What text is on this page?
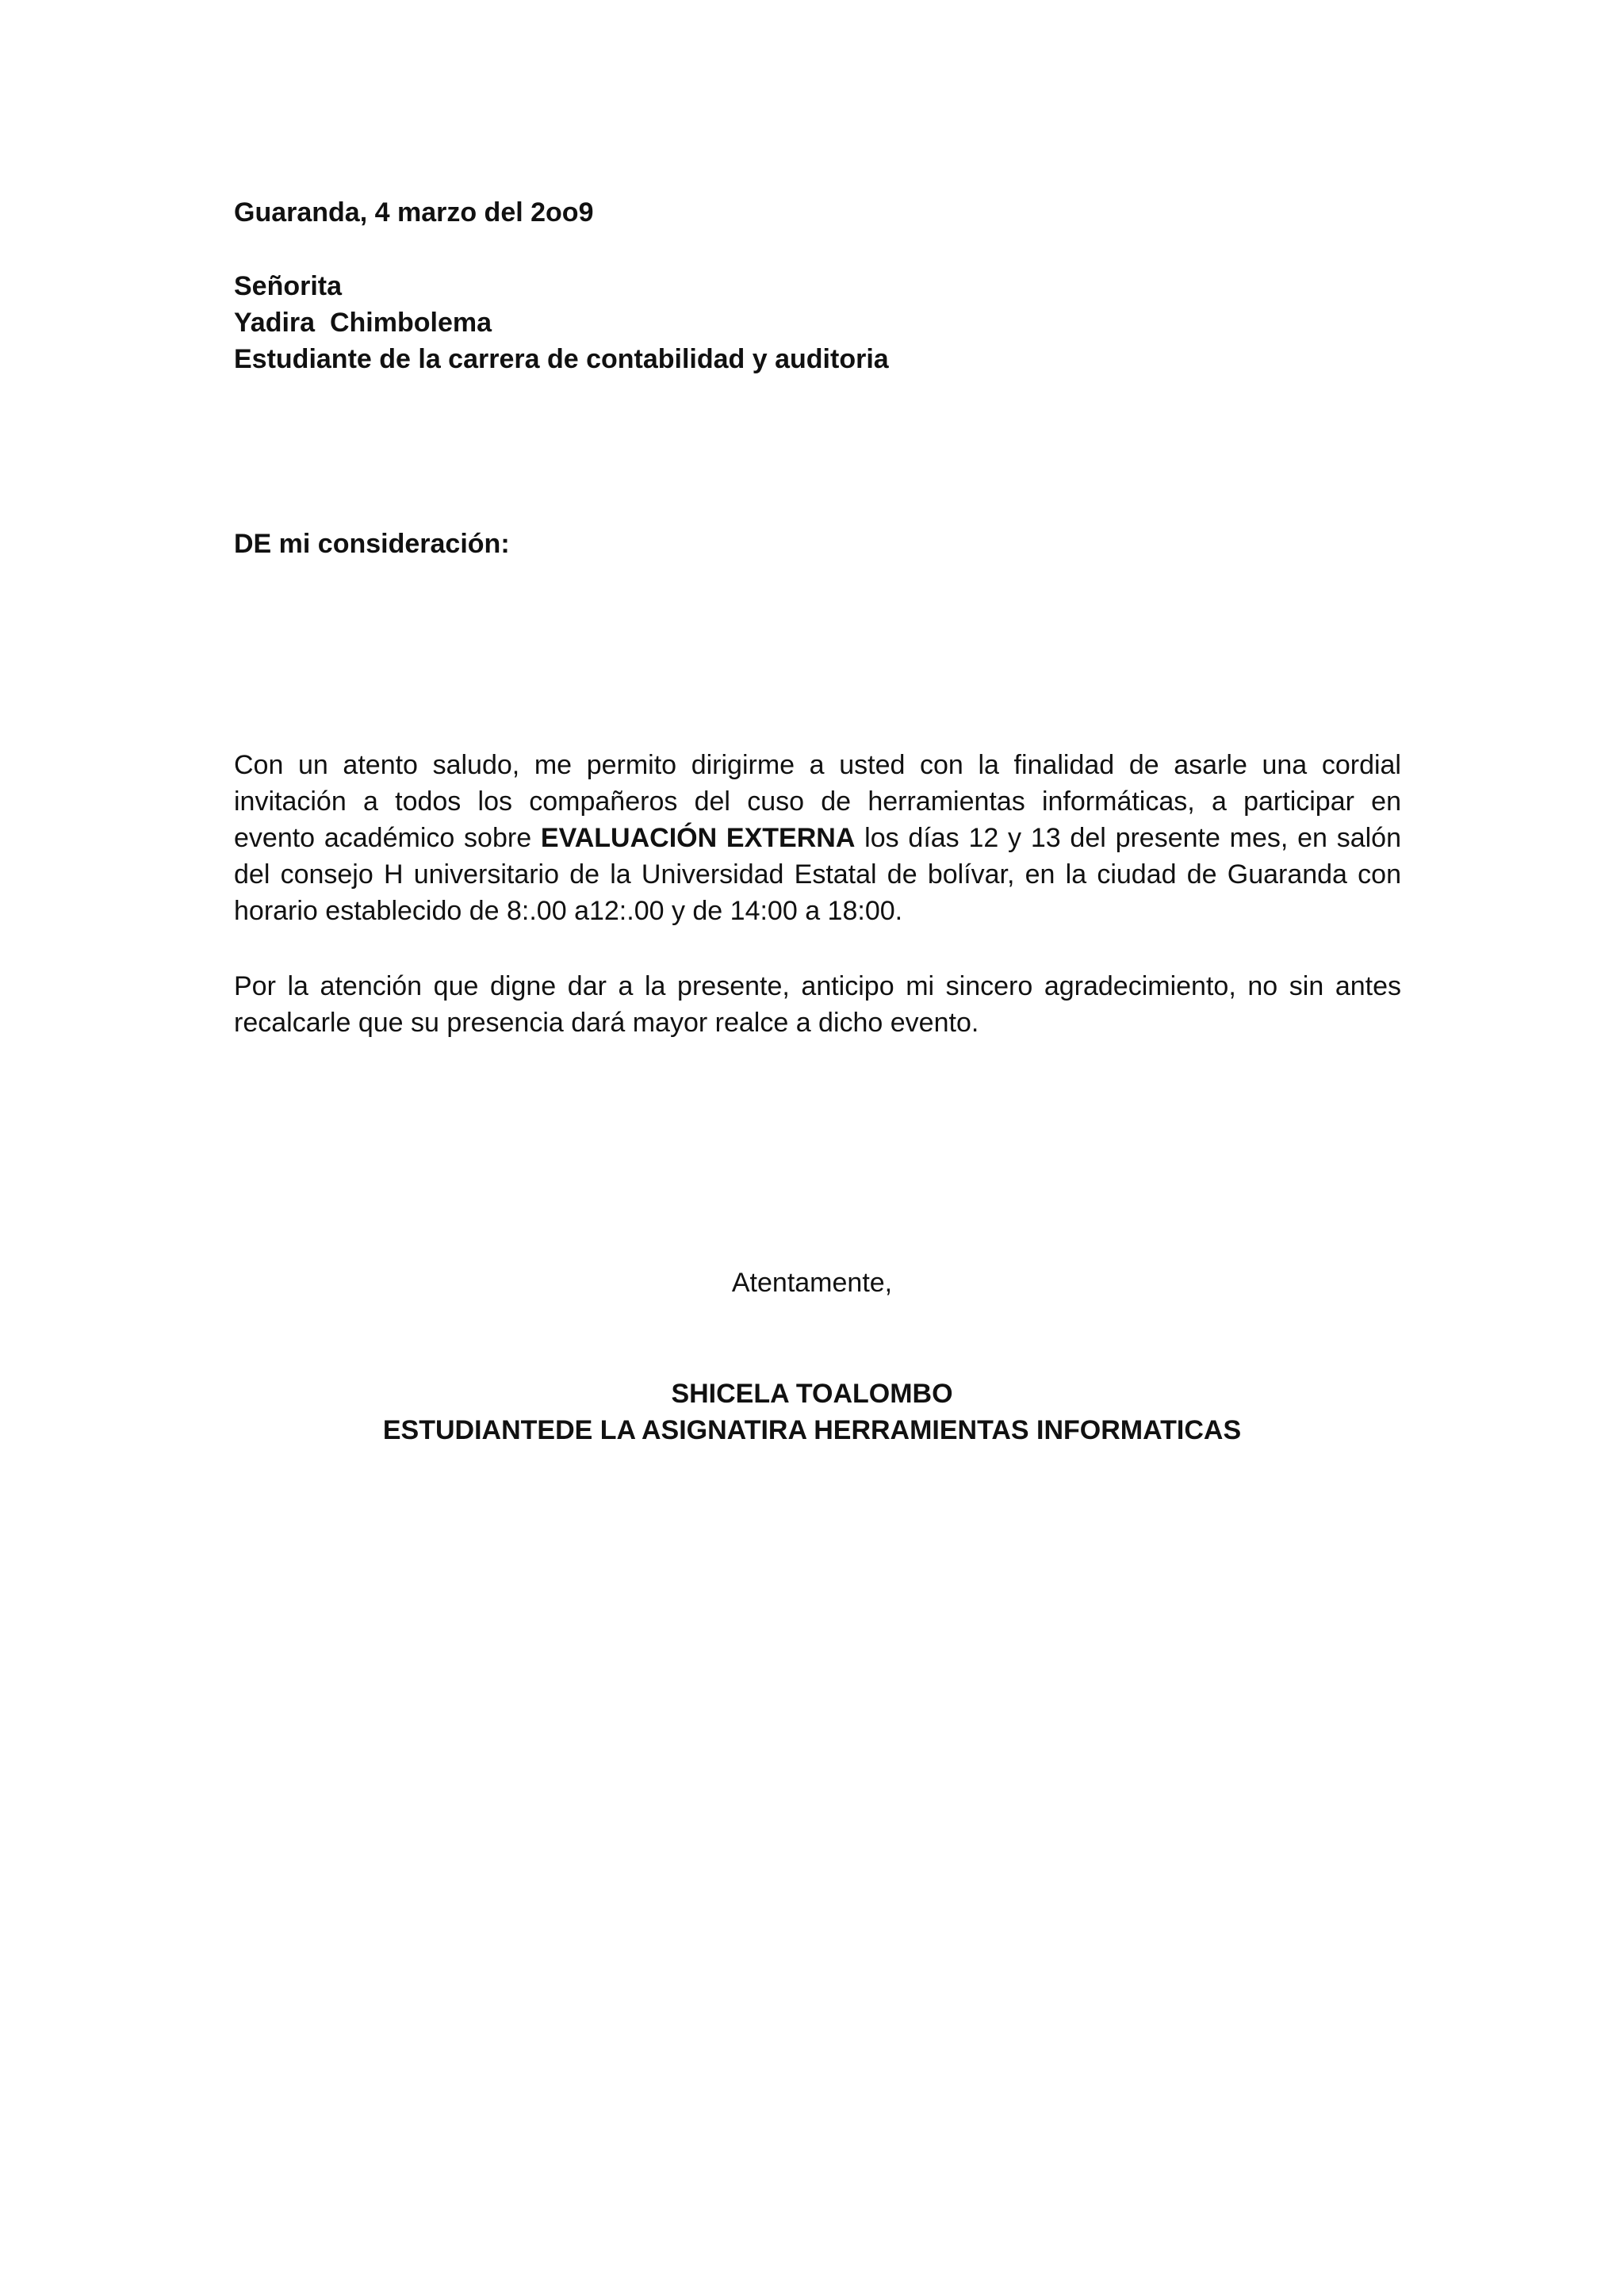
Guaranda, 4 marzo del 2oo9
Señorita
Yadira  Chimbolema
Estudiante de la carrera de contabilidad y auditoria
DE mi consideración:
Con un atento saludo, me permito dirigirme a usted con la finalidad de asarle una cordial
invitación a todos los compañeros del cuso de herramientas informáticas, a participar en
evento académico sobre EVALUACIÓN EXTERNA los días 12 y 13 del presente mes, en salón
del consejo H universitario de la Universidad Estatal de bolívar, en la ciudad de Guaranda con
horario establecido de 8:.00 a12:.00 y de 14:00 a 18:00.
Por la atención que digne dar a la presente, anticipo mi sincero agradecimiento, no sin antes
recalcarle que su presencia dará mayor realce a dicho evento.
Atentamente,
SHICELA TOALOMBO
ESTUDIANTEDE LA ASIGNATIRA HERRAMIENTAS INFORMATICAS
